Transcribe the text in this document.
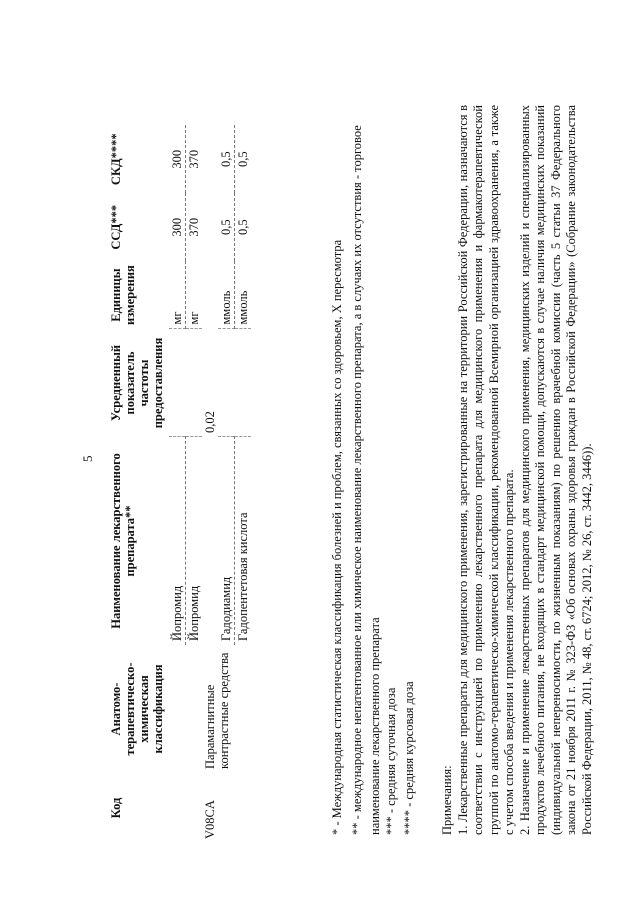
5
Код	Анатомо-терапевтическо-химическая классификация	Наименование лекарственного препарата**	Усредненный показатель частоты предоставления	Единицы измерения	ССД***	СКД****
		Йопромид		мг	300	300
		Йопромид		мг	370	370
V08CA	Парамагнитные контрастные средства		0,02			
		Гадодиамид		ммоль	0,5	0,5
		Гадопентетовая кислота		ммоль	0,5	0,5
* - Международная статистическая классификация болезней и проблем, связанных со здоровьем, X пересмотра ** - международное непатентованное или химическое наименование лекарственного препарата, а в случаях их отсутствия - торговое наименование лекарственного препарата *** - средняя суточная доза **** - средняя курсовая доза Примечания: 1. Лекарственные препараты для медицинского применения, зарегистрированные на территории Российской Федерации, назначаются в соответствии с инструкцией по применению лекарственного препарата для медицинского применения и фармакотерапевтической группой по анатомо-терапевтическо-химической классификации, рекомендованной Всемирной организацией здравоохранения, а также с учетом способа введения и применения лекарственного препарата. 2. Назначение и применение лекарственных препаратов для медицинского применения, медицинских изделий и специализированных продуктов лечебного питания, не входящих в стандарт медицинской помощи, допускаются в случае наличия медицинских показаний (индивидуальной непереносимости, по жизненным показаниям) по решению врачебной комиссии (часть 5 статьи 37 Федерального закона от 21 ноября 2011 г. № 323-ФЗ «Об основах охраны здоровья граждан в Российской Федерации» (Собрание законодательства Российской Федерации, 2011, № 48, ст. 6724; 2012, № 26, ст. 3442, 3446)).
